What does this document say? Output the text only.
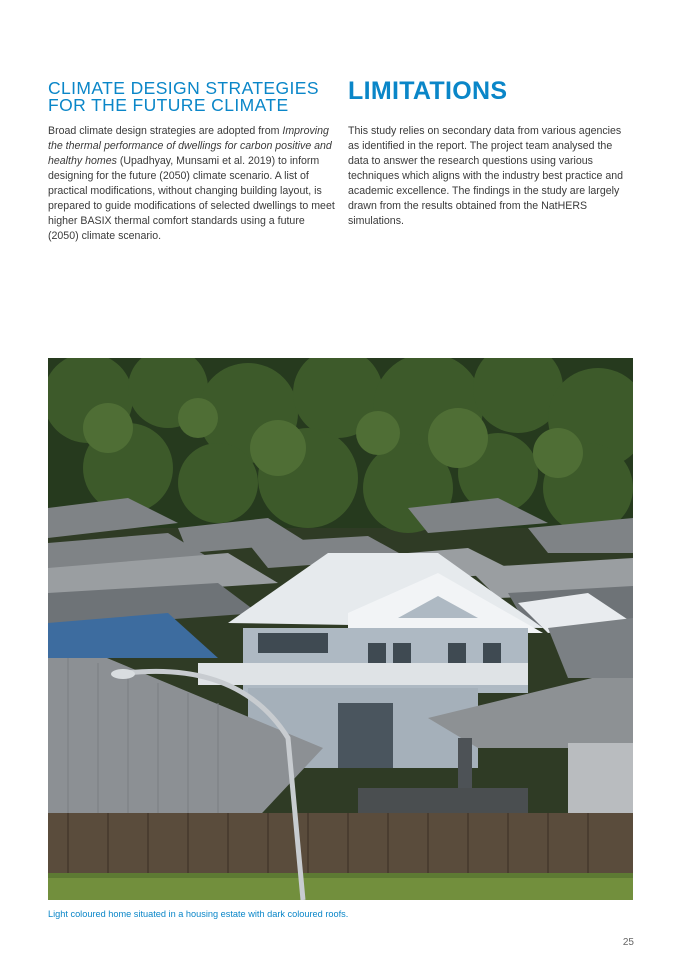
CLIMATE DESIGN STRATEGIES
FOR THE FUTURE CLIMATE

Broad climate design strategies are adopted from Improving the thermal performance of dwellings for carbon positive and healthy homes (Upadhyay, Munsami et al. 2019) to inform designing for the future (2050) climate scenario. A list of practical modifications, without changing building layout, is prepared to guide modifications of selected dwellings to meet higher BASIX thermal comfort standards using a future (2050) climate scenario.

LIMITATIONS

This study relies on secondary data from various agencies as identified in the report. The project team analysed the data to answer the research questions using various techniques which aligns with the industry best practice and academic excellence. The findings in the study are largely drawn from the results obtained from the NatHERS simulations.

Light coloured home situated in a housing estate with dark coloured roofs.
25
